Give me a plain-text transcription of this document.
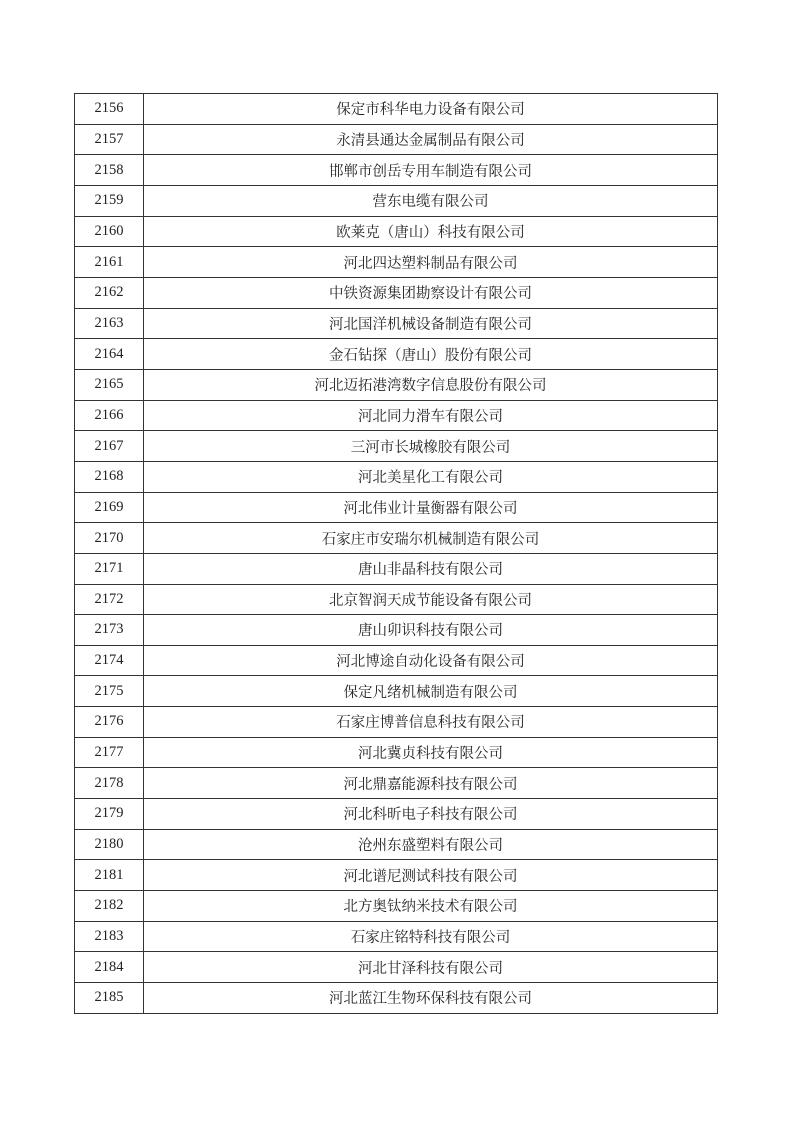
2156	保定市科华电力设备有限公司
2157	永清县通达金属制品有限公司
2158	邯郸市创岳专用车制造有限公司
2159	营东电缆有限公司
2160	欧莱克（唐山）科技有限公司
2161	河北四达塑料制品有限公司
2162	中铁资源集团勘察设计有限公司
2163	河北国洋机械设备制造有限公司
2164	金石钻探（唐山）股份有限公司
2165	河北迈拓港湾数字信息股份有限公司
2166	河北同力滑车有限公司
2167	三河市长城橡胶有限公司
2168	河北美星化工有限公司
2169	河北伟业计量衡器有限公司
2170	石家庄市安瑞尔机械制造有限公司
2171	唐山非晶科技有限公司
2172	北京智润天成节能设备有限公司
2173	唐山卯识科技有限公司
2174	河北博途自动化设备有限公司
2175	保定凡绪机械制造有限公司
2176	石家庄博普信息科技有限公司
2177	河北冀贞科技有限公司
2178	河北鼎嘉能源科技有限公司
2179	河北科昕电子科技有限公司
2180	沧州东盛塑料有限公司
2181	河北谱尼测试科技有限公司
2182	北方奥钛纳米技术有限公司
2183	石家庄铭特科技有限公司
2184	河北甘泽科技有限公司
2185	河北蓝江生物环保科技有限公司
